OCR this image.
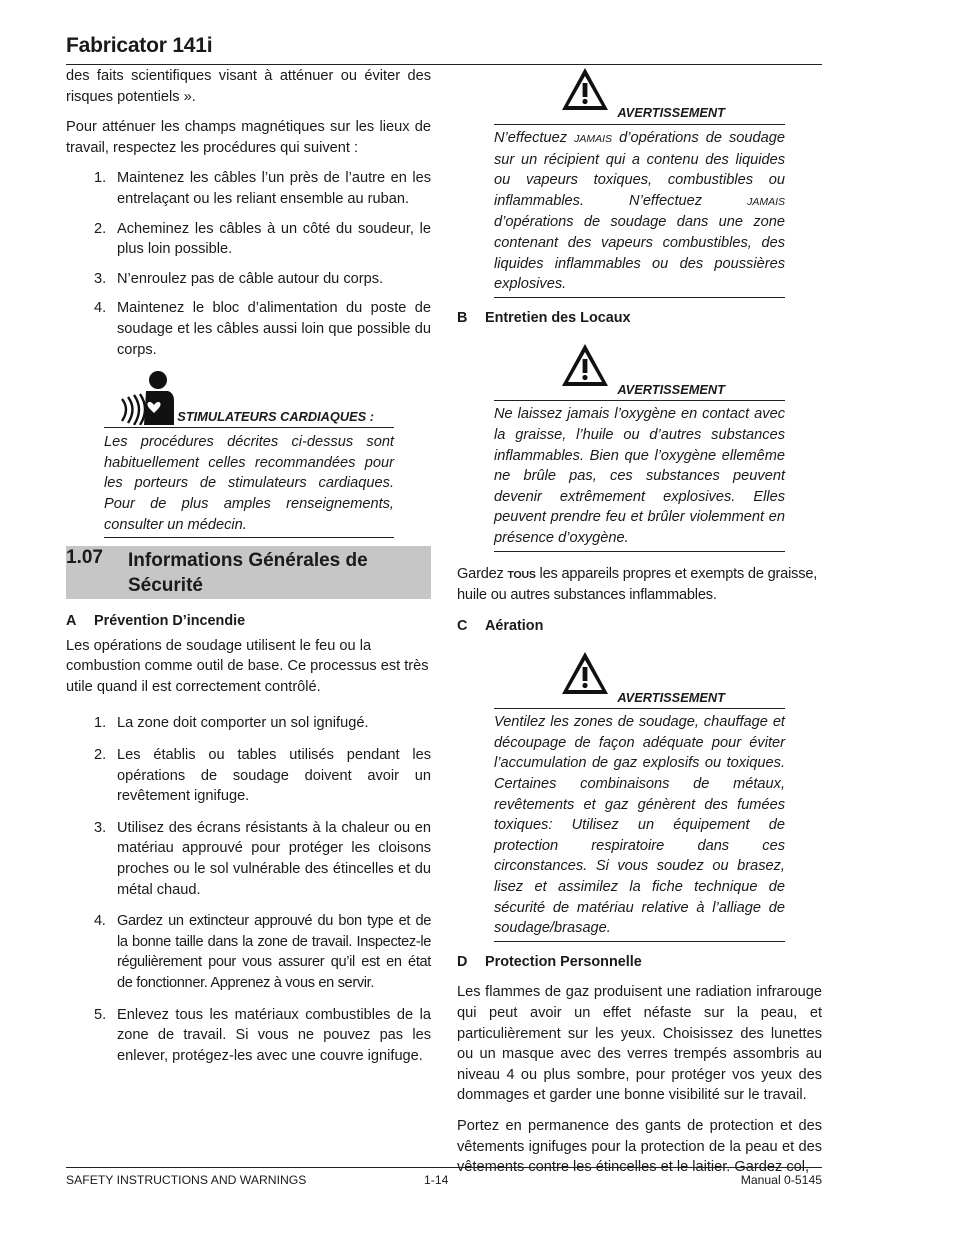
Fabricator 141i

des faits scientifiques visant à atténuer ou éviter des risques potentiels ».

Pour atténuer les champs magnétiques sur les lieux de travail, respectez les procédures qui suivent :

1. Maintenez les câbles l’un près de l’autre en les entrelaçant ou les reliant ensemble au ruban.
2. Acheminez les câbles à un côté du soudeur, le plus loin possible.
3. N’enroulez pas de câble autour du corps.
4. Maintenez le bloc d’alimentation du poste de soudage et les câbles aussi loin que possible du corps.
STIMULATEURS CARDIAQUES :
Les procédures décrites ci-dessus sont habituellement celles recommandées pour les porteurs de stimulateurs cardiaques. Pour de plus amples renseignements, consulter un médecin.
1.07 Informations Générales de Sécurité
A Prévention D’incendie

Les opérations de soudage utilisent le feu ou la combustion comme outil de base. Ce processus est très utile quand il est correctement contrôlé.

1. La zone doit comporter un sol ignifugé.
2. Les établis ou tables utilisés pendant les opérations de soudage doivent avoir un revêtement ignifuge.
3. Utilisez des écrans résistants à la chaleur ou en matériau approuvé pour protéger les cloisons proches ou le sol vulnérable des étincelles et du métal chaud.
4. Gardez un extincteur approuvé du bon type et de la bonne taille dans la zone de travail. Inspectez-le régulièrement pour vous assurer qu’il est en état de fonctionner. Apprenez à vous en servir.
5. Enlevez tous les matériaux combustibles de la zone de travail. Si vous ne pouvez pas les enlever, protégez-les avec une couvre ignifuge.
AVERTISSEMENT
N’effectuez JAMAIS d’opérations de soudage sur un récipient qui a contenu des liquides ou vapeurs toxiques, combustibles ou inflammables. N’effectuez JAMAIS d’opérations de soudage dans une zone contenant des vapeurs combustibles, des liquides inflammables ou des poussières explosives.
B Entretien des Locaux
AVERTISSEMENT
Ne laissez jamais l’oxygène en contact avec la graisse, l’huile ou d’autres substances inflammables. Bien que l’oxygène ellemême ne brûle pas, ces substances peuvent devenir extrêmement explosives. Elles peuvent prendre feu et brûler violemment en présence d’oxygène.

Gardez TOUS les appareils propres et exempts de graisse, huile ou autres substances inflammables.

C Aération
AVERTISSEMENT
Ventilez les zones de soudage, chauffage et découpage de façon adéquate pour éviter l’accumulation de gaz explosifs ou toxiques. Certaines combinaisons de métaux, revêtements et gaz génèrent des fumées toxiques: Utilisez un équipement de protection respiratoire dans ces circonstances. Si vous soudez ou brasez, lisez et assimilez la fiche technique de sécurité de matériau relative à l’alliage de soudage/brasage.
D Protection Personnelle

Les flammes de gaz produisent une radiation infrarouge qui peut avoir un effet néfaste sur la peau, et particulièrement sur les yeux. Choisissez des lunettes ou un masque avec des verres trempés assombris au niveau 4 ou plus sombre, pour protéger vos yeux des dommages et garder une bonne visibilité sur le travail.

Portez en permanence des gants de protection et des vêtements ignifuges pour la protection de la peau et des vêtements contre les étincelles et le laitier. Gardez col,

SAFETY INSTRUCTIONS AND WARNINGS	1-14	Manual 0-5145
